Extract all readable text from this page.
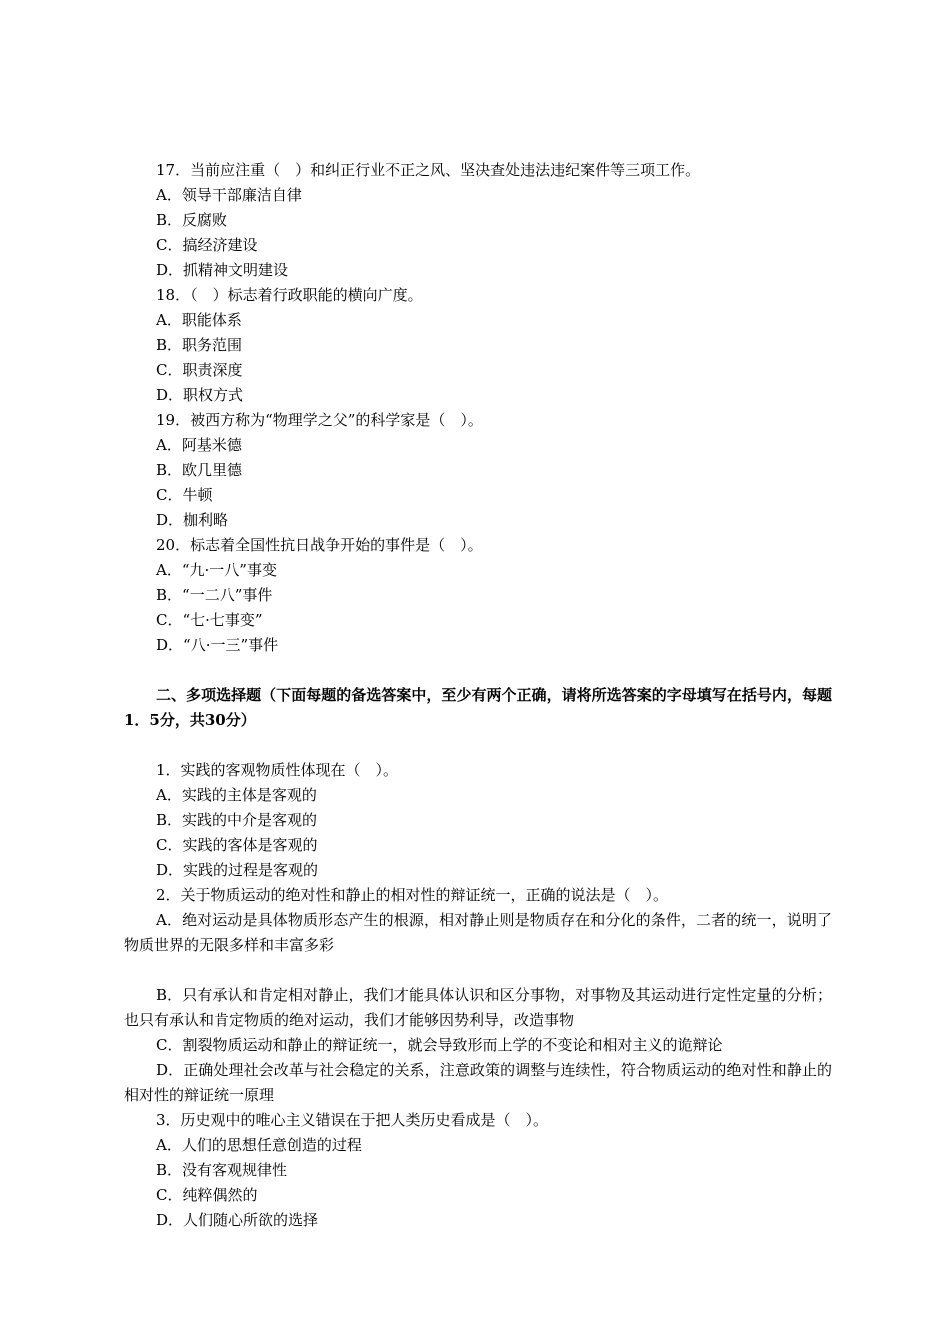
17．当前应注重（　）和纠正行业不正之风、坚决查处违法违纪案件等三项工作。
A．领导干部廉洁自律
B．反腐败
C．搞经济建设
D．抓精神文明建设
18．（　）标志着行政职能的横向广度。
A．职能体系
B．职务范围
C．职责深度
D．职权方式
19．被西方称为“物理学之父”的科学家是（　）。
A．阿基米德
B．欧几里德
C．牛顿
D．枷利略
20．标志着全国性抗日战争开始的事件是（　）。
A．“九·一八”事变
B．“一二八”事件
C．“七·七事变”
D．“八·一三”事件
二、多项选择题（下面每题的备选答案中，至少有两个正确，请将所选答案的字母填写在括号内，每题1．5分，共30分）
1．实践的客观物质性体现在（　）。
A．实践的主体是客观的
B．实践的中介是客观的
C．实践的客体是客观的
D．实践的过程是客观的
2．关于物质运动的绝对性和静止的相对性的辩证统一，正确的说法是（　）。
A．绝对运动是具体物质形态产生的根源，相对静止则是物质存在和分化的条件，二者的统一，说明了物质世界的无限多样和丰富多彩
B．只有承认和肯定相对静止，我们才能具体认识和区分事物，对事物及其运动进行定性定量的分析；也只有承认和肯定物质的绝对运动，我们才能够因势利导，改造事物
C．割裂物质运动和静止的辩证统一，就会导致形而上学的不变论和相对主义的诡辩论
D．正确处理社会改革与社会稳定的关系，注意政策的调整与连续性，符合物质运动的绝对性和静止的相对性的辩证统一原理
3．历史观中的唯心主义错误在于把人类历史看成是（　）。
A．人们的思想任意创造的过程
B．没有客观规律性
C．纯粹偶然的
D．人们随心所欲的选择
